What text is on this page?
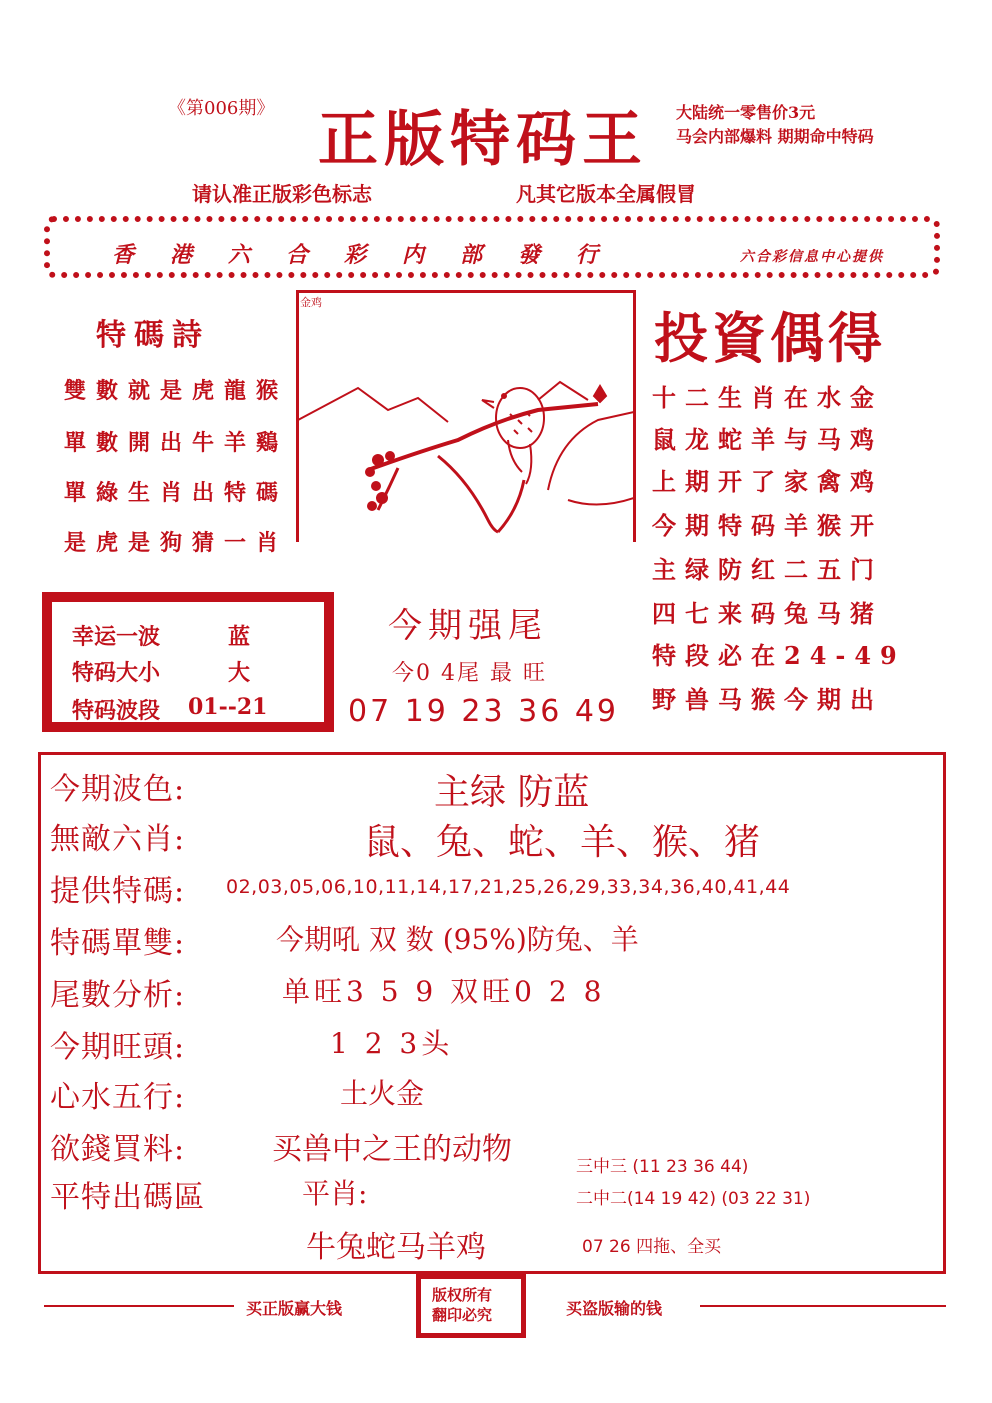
《第006期》 正版特码王 大陆统一零售价3元
马会内部爆料 期期命中特码
请认准正版彩色标志	凡其它版本全属假冒
香港六合彩内部發行	六合彩信息中心提供
特碼詩
雙數就是虎龍猴
單數開出牛羊鷄
單綠生肖出特碼
是虎是狗猜一肖
金鸡
投資偶得
十二生肖在水金
鼠龙蛇羊与马鸡
上期开了家禽鸡
今期特码羊猴开
主绿防红二五门
四七来码兔马猪
特段必在24-49
野兽马猴今期出
幸运一波	蓝
特码大小	大
特码波段 01--21
今期强尾
今0 4尾 最 旺
07 19 23 36 49
今期波色:	主绿 防蓝
無敵六肖:	鼠、兔、蛇、羊、猴、猪
提供特碼: 02,03,05,06,10,11,14,17,21,25,26,29,33,34,36,40,41,44
特碼單雙:	今期吼 双 数 (95%)防兔、羊
尾數分析:	单旺3 5 9 双旺0 2 8
今期旺頭:	1 2 3头
心水五行:	土火金
欲錢買料:	买兽中之王的动物
平特出碼區	平肖:
牛兔蛇马羊鸡
三中三 (11 23 36 44)
二中二(14 19 42) (03 22 31)
07 26 四拖、全买
买正版赢大钱
版权所有
翻印必究	买盗版输的钱
